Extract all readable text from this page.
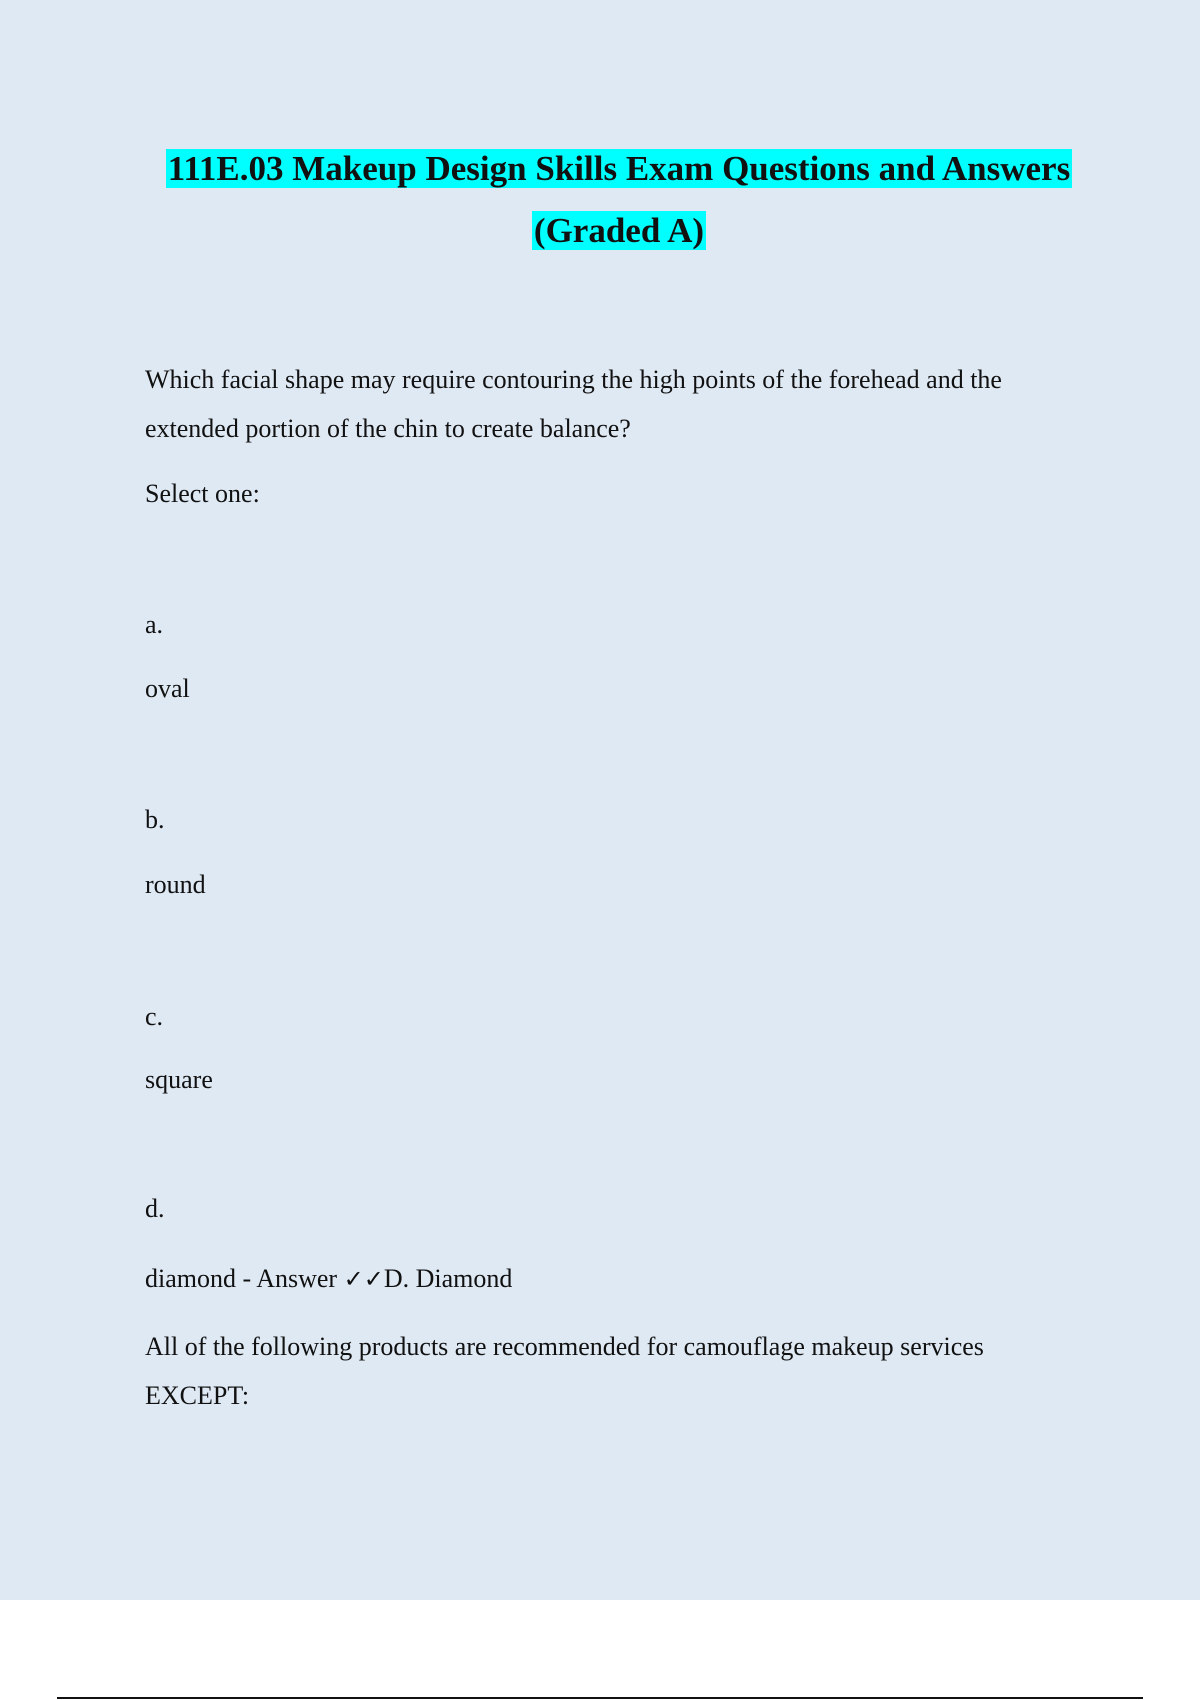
111E.03 Makeup Design Skills Exam Questions and Answers
(Graded A)
Which facial shape may require contouring the high points of the forehead and the extended portion of the chin to create balance?
Select one:
a.
oval
b.
round
c.
square
d.
diamond - Answer ✓✓D. Diamond
All of the following products are recommended for camouflage makeup services EXCEPT:
